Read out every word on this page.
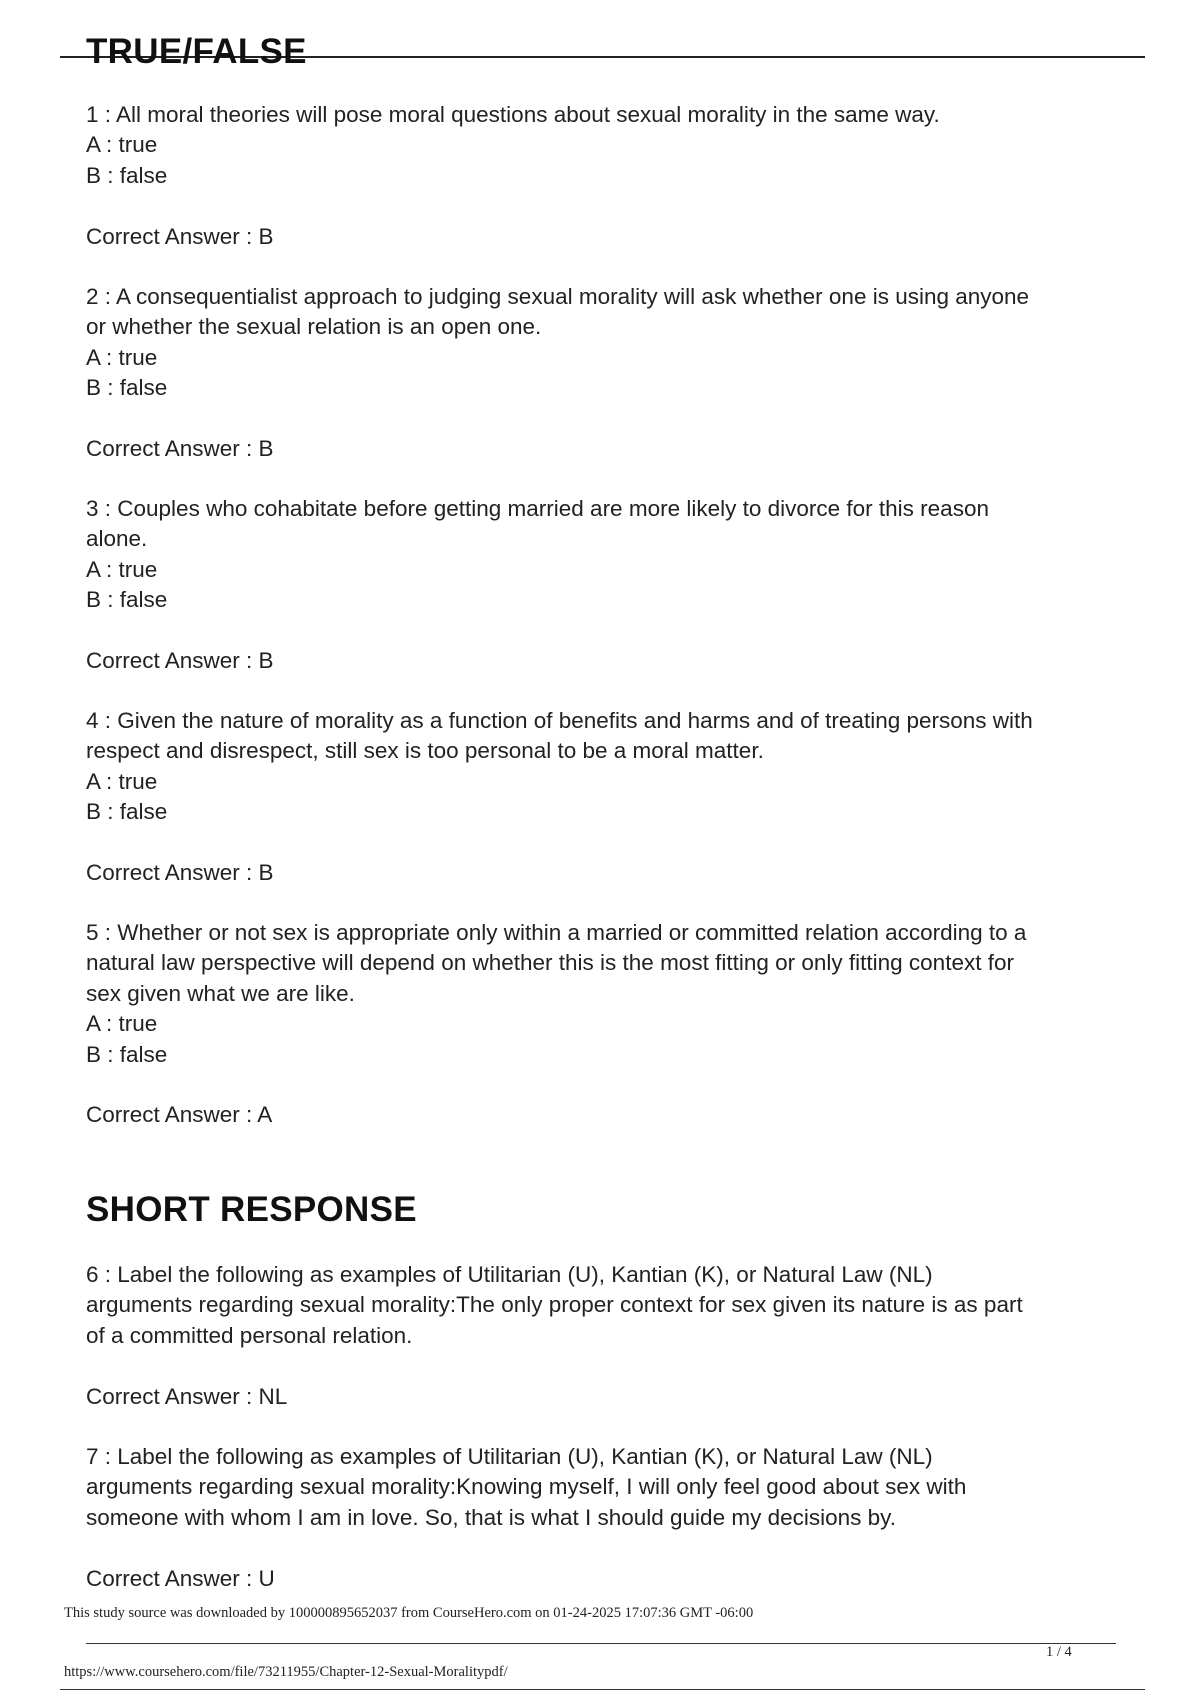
TRUE/FALSE
1 : All moral theories will pose moral questions about sexual morality in the same way.
A : true
B : false
Correct Answer : B
2 : A consequentialist approach to judging sexual morality will ask whether one is using anyone
or whether the sexual relation is an open one.
A : true
B : false
Correct Answer : B
3 : Couples who cohabitate before getting married are more likely to divorce for this reason
alone.
A : true
B : false
Correct Answer : B
4 : Given the nature of morality as a function of benefits and harms and of treating persons with
respect and disrespect, still sex is too personal to be a moral matter.
A : true
B : false
Correct Answer : B
5 : Whether or not sex is appropriate only within a married or committed relation according to a
natural law perspective will depend on whether this is the most fitting or only fitting context for
sex given what we are like.
A : true
B : false
Correct Answer : A
SHORT RESPONSE
6 : Label the following as examples of Utilitarian (U), Kantian (K), or Natural Law (NL)
arguments regarding sexual morality:The only proper context for sex given its nature is as part
of a committed personal relation.
Correct Answer : NL
7 : Label the following as examples of Utilitarian (U), Kantian (K), or Natural Law (NL)
arguments regarding sexual morality:Knowing myself, I will only feel good about sex with
someone with whom I am in love. So, that is what I should guide my decisions by.
Correct Answer : U
This study source was downloaded by 100000895652037 from CourseHero.com on 01-24-2025 17:07:36 GMT -06:00
1 / 4
https://www.coursehero.com/file/73211955/Chapter-12-Sexual-Moralitypdf/
